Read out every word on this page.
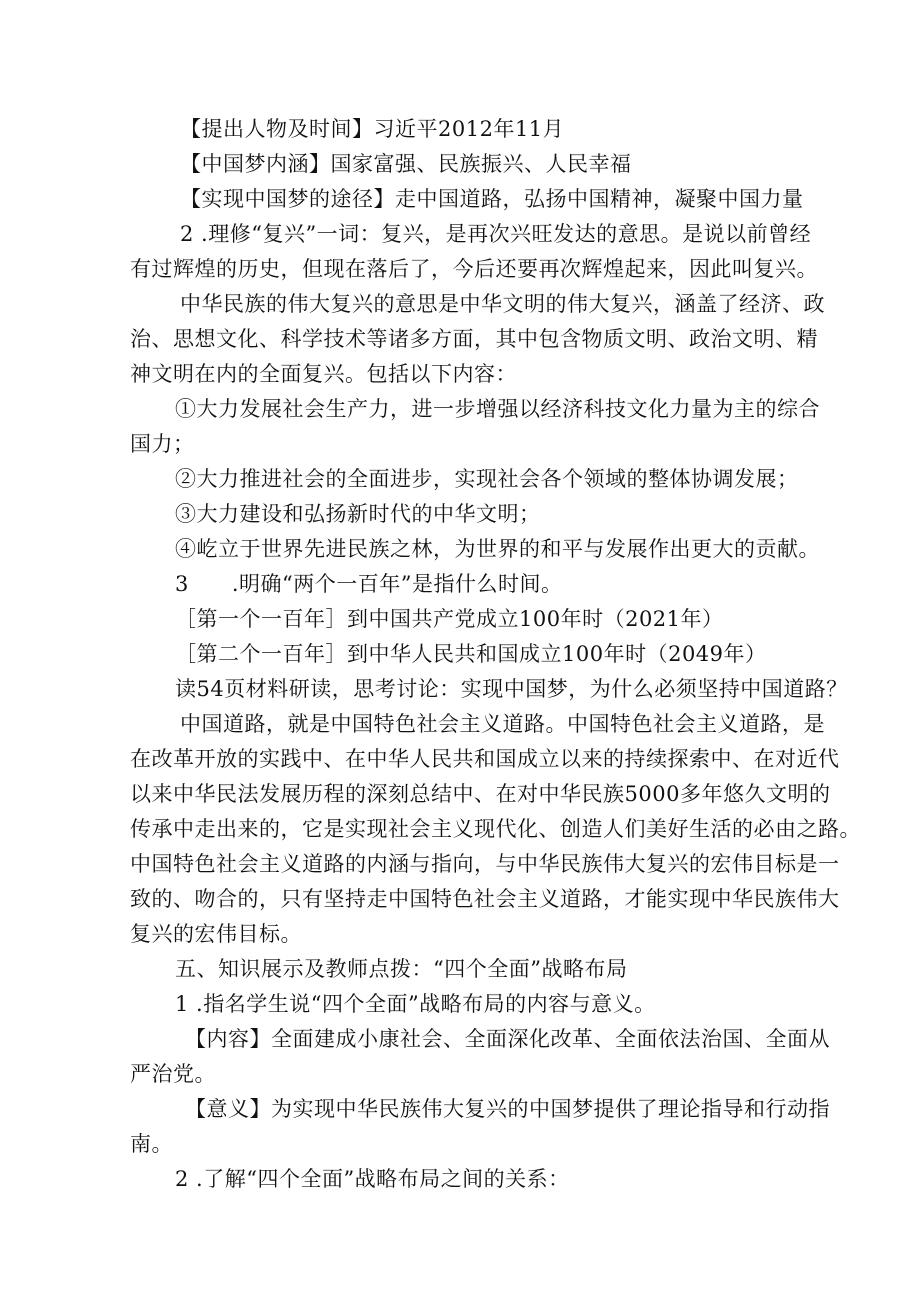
【提出人物及时间】习近平2012年11月
【中国梦内涵】国家富强、民族振兴、人民幸福
【实现中国梦的途径】走中国道路，弘扬中国精神，凝聚中国力量
2 .理修“复兴”一词：复兴，是再次兴旺发达的意思。是说以前曾经
有过辉煌的历史，但现在落后了，今后还要再次辉煌起来，因此叫复兴。
中华民族的伟大复兴的意思是中华文明的伟大复兴，涵盖了经济、政
治、思想文化、科学技术等诸多方面，其中包含物质文明、政治文明、精
神文明在内的全面复兴。包括以下内容：
①大力发展社会生产力，进一步增强以经济科技文化力量为主的综合
国力；
②大力推进社会的全面进步，实现社会各个领域的整体协调发展；
③大力建设和弘扬新时代的中华文明；
④屹立于世界先进民族之林，为世界的和平与发展作出更大的贡献。
3　　.明确“两个一百年”是指什么时间。
［第一个一百年］到中国共产党成立100年时（2021年）
［第二个一百年］到中华人民共和国成立100年时（2049年）
读54页材料研读，思考讨论：实现中国梦，为什么必须坚持中国道路？
中国道路，就是中国特色社会主义道路。中国特色社会主义道路，是
在改革开放的实践中、在中华人民共和国成立以来的持续探索中、在对近代
以来中华民法发展历程的深刻总结中、在对中华民族5000多年悠久文明的
传承中走出来的，它是实现社会主义现代化、创造人们美好生活的必由之路。
中国特色社会主义道路的内涵与指向，与中华民族伟大复兴的宏伟目标是一
致的、吻合的，只有坚持走中国特色社会主义道路，才能实现中华民族伟大
复兴的宏伟目标。
五、知识展示及教师点拨：“四个全面”战略布局
1 .指名学生说“四个全面”战略布局的内容与意义。
【内容】全面建成小康社会、全面深化改革、全面依法治国、全面从
严治党。
【意义】为实现中华民族伟大复兴的中国梦提供了理论指导和行动指
南。
2 .了解“四个全面”战略布局之间的关系：
